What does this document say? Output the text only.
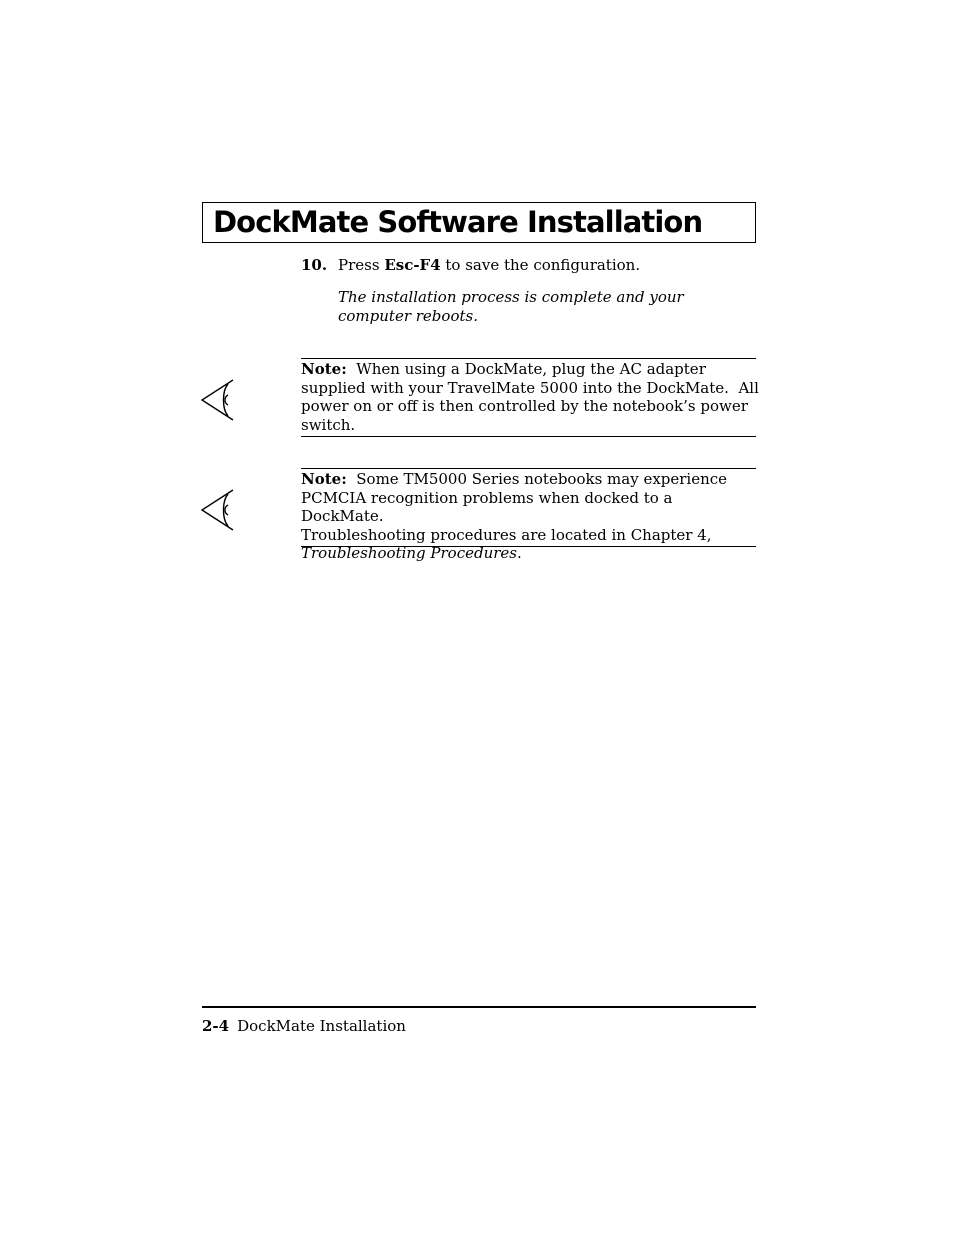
DockMate Software Installation
10. Press Esc-F4 to save the configuration.
The installation process is complete and your computer reboots.
Note: When using a DockMate, plug the AC adapter
supplied with your TravelMate 5000 into the DockMate.  All
power on or off is then controlled by the notebook’s power
switch.
Note: Some TM5000 Series notebooks may experience
PCMCIA recognition problems when docked to a DockMate.
Troubleshooting procedures are located in Chapter 4,
Troubleshooting Procedures.
2-4 DockMate Installation
